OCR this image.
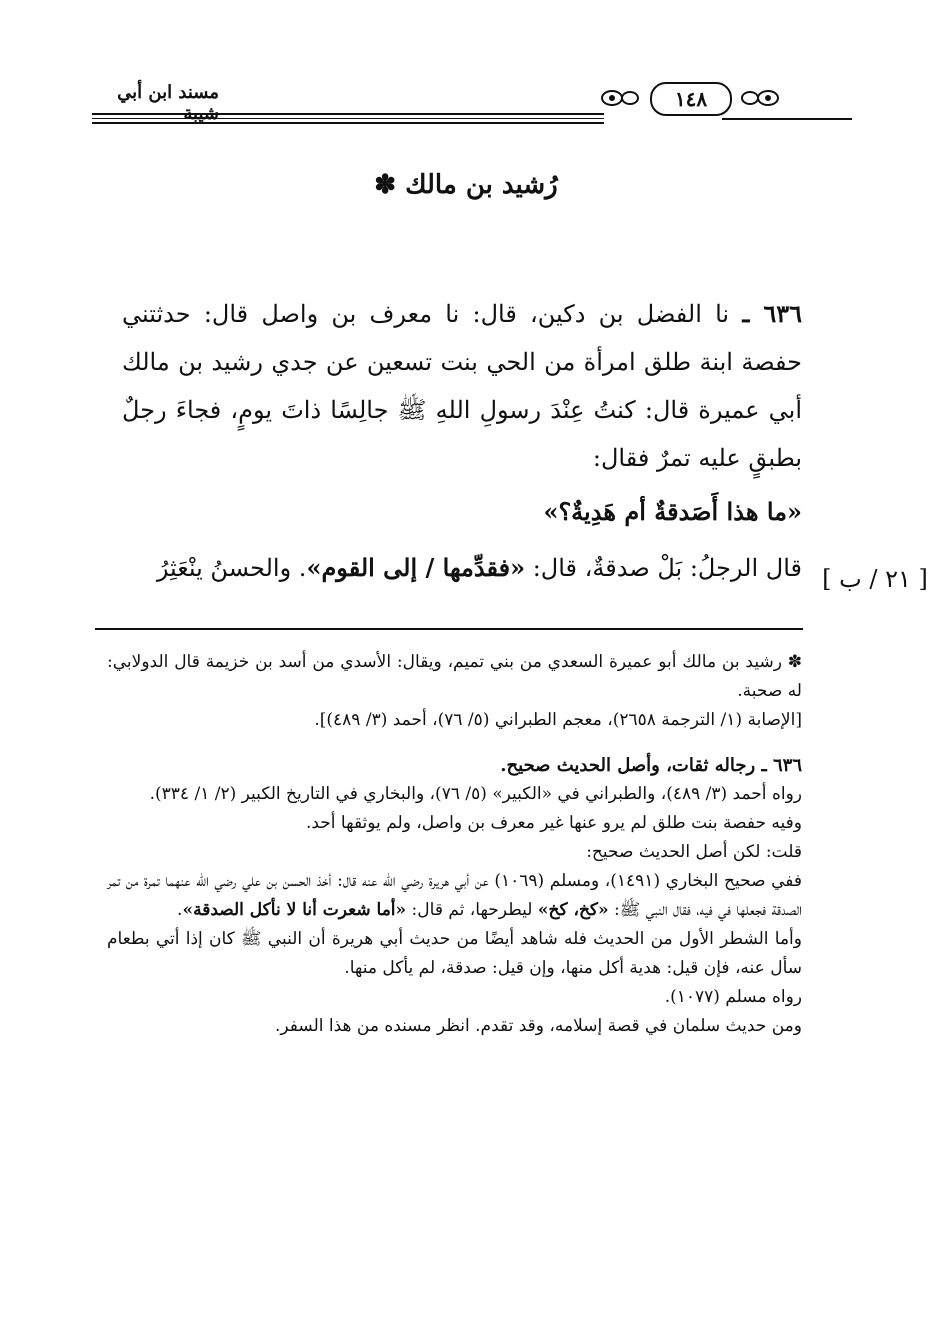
مسند ابن أبي شيبة
١٤٨
رُشيد بن مالك ✽

٦٣٦ ـ نا الفضل بن دكين، قال: نا معرف بن واصل قال: حدثتني حفصة ابنة طلق امرأة من الحي بنت تسعين عن جدي رشيد بن مالك أبي عميرة قال: كنتُ عِنْدَ رسولِ اللهِ ﷺ جالِسًا ذاتَ يومٍ، فجاءَ رجلٌ بطبقٍ عليه تمرٌ فقال:

«ما هذا أَصَدقةٌ أم هَدِيةٌ؟»

قال الرجلُ: بَلْ صدقةٌ، قال: «فقدِّمها / إلى القوم». والحسنُ ينْعَثِرُ	[ ٢١ / ب ]

✽ رشيد بن مالك أبو عميرة السعدي من بني تميم، ويقال: الأسدي من أسد بن خزيمة قال الدولابي: له صحبة.

[الإصابة (١/ الترجمة ٢٦٥٨)، معجم الطبراني (٥/ ٧٦)، أحمد (٣/ ٤٨٩)].

٦٣٦ ـ رجاله ثقات، وأصل الحديث صحيح.

رواه أحمد (٣/ ٤٨٩)، والطبراني في «الكبير» (٥/ ٧٦)، والبخاري في التاريخ الكبير (٢/ ١/ ٣٣٤).

وفيه حفصة بنت طلق لم يرو عنها غير معرف بن واصل، ولم يوثقها أحد.

قلت: لكن أصل الحديث صحيح:

ففي صحيح البخاري (١٤٩١)، ومسلم (١٠٦٩) عن أبي هريرة رضي الله عنه قال: أخذ الحسن بن علي رضي الله عنهما تمرة من تمر الصدقة فجعلها في فيه، فقال النبي ﷺ: «كخ، كخ» ليطرحها، ثم قال: «أما شعرت أنا لا نأكل الصدقة».

وأما الشطر الأول من الحديث فله شاهد أيضًا من حديث أبي هريرة أن النبي ﷺ كان إذا أتي بطعام سأل عنه، فإن قيل: هدية أكل منها، وإن قيل: صدقة، لم يأكل منها.

رواه مسلم (١٠٧٧).

ومن حديث سلمان في قصة إسلامه، وقد تقدم. انظر مسنده من هذا السفر.
